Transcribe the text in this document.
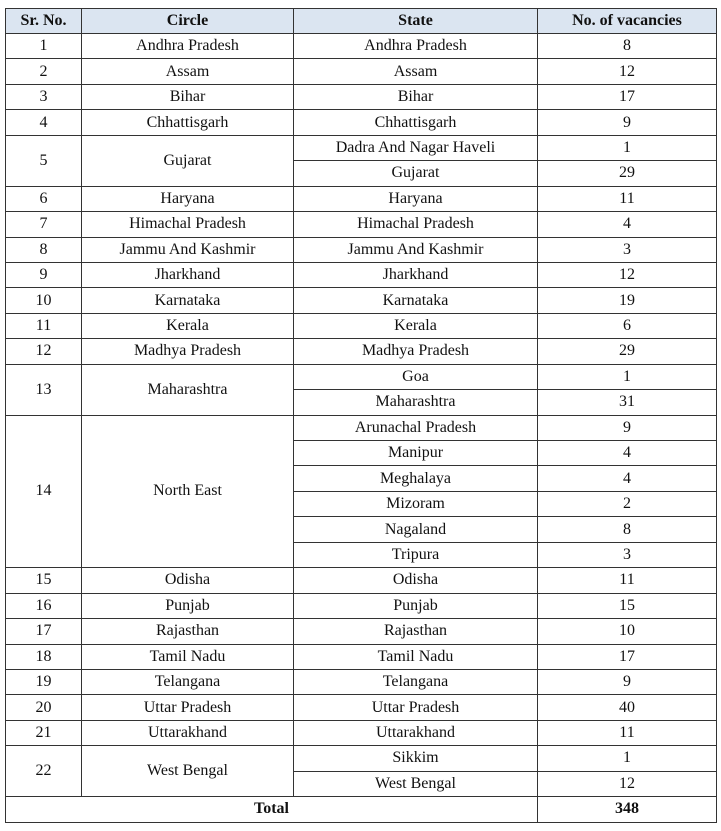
Sr. No.	Circle	State	No. of vacancies
1	Andhra Pradesh	Andhra Pradesh	8
2	Assam	Assam	12
3	Bihar	Bihar	17
4	Chhattisgarh	Chhattisgarh	9
5	Gujarat	Dadra And Nagar Haveli	1
		Gujarat	29
6	Haryana	Haryana	11
7	Himachal Pradesh	Himachal Pradesh	4
8	Jammu And Kashmir	Jammu And Kashmir	3
9	Jharkhand	Jharkhand	12
10	Karnataka	Karnataka	19
11	Kerala	Kerala	6
12	Madhya Pradesh	Madhya Pradesh	29
13	Maharashtra	Goa	1
		Maharashtra	31
14	North East	Arunachal Pradesh	9
		Manipur	4
		Meghalaya	4
		Mizoram	2
		Nagaland	8
		Tripura	3
15	Odisha	Odisha	11
16	Punjab	Punjab	15
17	Rajasthan	Rajasthan	10
18	Tamil Nadu	Tamil Nadu	17
19	Telangana	Telangana	9
20	Uttar Pradesh	Uttar Pradesh	40
21	Uttarakhand	Uttarakhand	11
22	West Bengal	Sikkim	1
		West Bengal	12
Total			348
